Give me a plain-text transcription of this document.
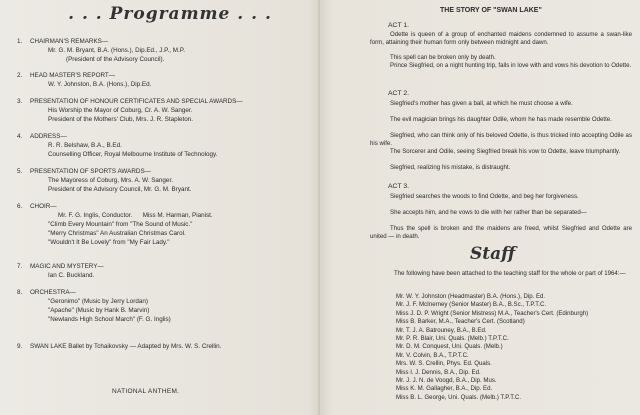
. . . Programme . . .
1.	CHAIRMAN'S REMARKS—
Mr. G. M. Bryant, B.A. (Hons.), Dip.Ed., J.P., M.P.
(President of the Advisory Council).
2.	HEAD MASTER'S REPORT—
W. Y. Johnston, B.A. (Hons.), Dip.Ed.
3.	PRESENTATION OF HONOUR CERTIFICATES AND SPECIAL AWARDS—
His Worship the Mayor of Coburg, Cr. A. W. Sanger.
President of the Mothers' Club, Mrs. J. R. Stapleton.
4.	ADDRESS—
R. R. Belshaw, B.A., B.Ed.
Counselling Officer, Royal Melbourne Institute of Technology.
5.	PRESENTATION OF SPORTS AWARDS—
The Mayoress of Coburg, Mrs. A. W. Sanger.
President of the Advisory Council, Mr. G. M. Bryant.
6.	CHOIR—
Mr. F. G. Inglis, Conductor.      Miss M. Harman, Pianist.
"Climb Every Mountain" from "The Sound of Music."
"Merry Christmas" An Australian Christmas Carol.
"Wouldn't It Be Lovely" from "My Fair Lady."
7.	MAGIC AND MYSTERY—
Ian C. Buckland.
8.	ORCHESTRA—
"Geronimo" (Music by Jerry Lordan)
"Apache" (Music by Hank B. Marvin)
"Newlands High School March" (F. G. Inglis)
9.	SWAN LAKE Ballet by Tchaikovsky — Adapted by Mrs. W. S. Crellin.
NATIONAL ANTHEM.
THE STORY OF "SWAN LAKE"
ACT 1.
Odette is queen of a group of enchanted maidens condemned to assume a swan-like form, attaining their human form only between midnight and dawn.
This spell can be broken only by death.
Prince Siegfried, on a night hunting trip, falls in love with and vows his devotion to Odette.
ACT 2.
Siegfried's mother has given a ball, at which he must choose a wife.
The evil magician brings his daughter Odile, whom he has made resemble Odette.
Siegfried, who can think only of his beloved Odette, is thus tricked into accepting Odile as his wife.
The Sorcerer and Odile, seeing Siegfried break his vow to Odette, leave triumphantly.
Siegfried, realizing his mistake, is distraught.
ACT 3.
Siegfried searches the woods to find Odette, and beg her forgiveness.
She accepts him, and he vows to die with her rather than be separated—
Thus the spell is broken and the maidens are freed, whilst Siegfried and Odette are united — in death.
Staff
The following have been attached to the teaching staff for the whole or part of 1964:—
Mr. W. Y. Johnston (Headmaster) B.A. (Hons.), Dip. Ed.
Mr. J. F. McInerney (Senior Master) B.A., B.Sc., T.P.T.C.
Miss J. D. P. Wright (Senior Mistress) M.A., Teacher's Cert. (Edinburgh)
Miss B. Barker, M.A., Teacher's Cert. (Scotland)
Mr. T. J. A. Batrouney, B.A., B.Ed.
Mr. P. R. Blair, Uni. Quals. (Melb.) T.P.T.C.
Mr. D. M. Conquest, Uni. Quals. (Melb.)
Mr. V. Colvin, B.A., T.P.T.C.
Mrs. W. S. Crellin, Phys. Ed. Quals.
Miss I. J. Dennis, B.A., Dip. Ed.
Mr. J. J. N. de Voogd, B.A., Dip. Mus.
Miss K. M. Gallagher, B.A., Dip. Ed.
Miss B. L. George, Uni. Quals. (Melb.) T.P.T.C.
